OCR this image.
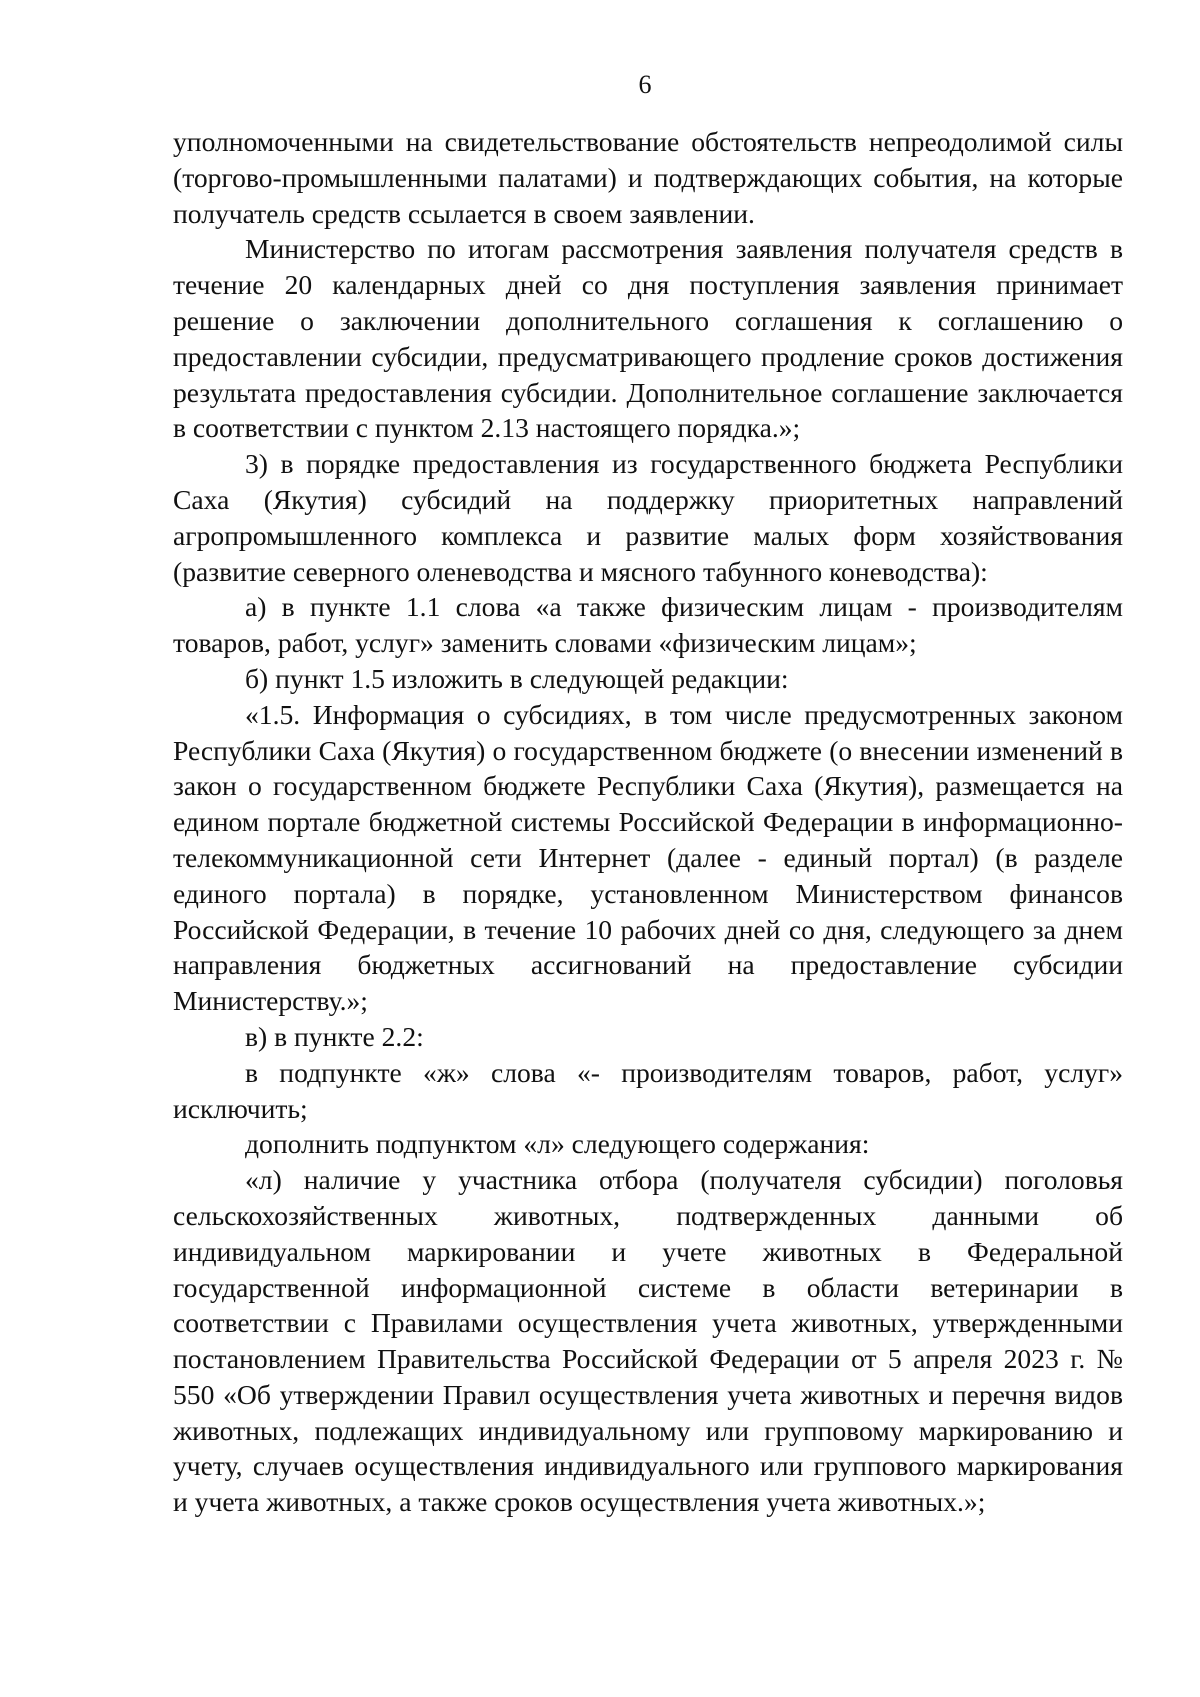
6

уполномоченными на свидетельствование обстоятельств непреодолимой силы (торгово-промышленными палатами) и подтверждающих события, на которые получатель средств ссылается в своем заявлении.

Министерство по итогам рассмотрения заявления получателя средств в течение 20 календарных дней со дня поступления заявления принимает решение о заключении дополнительного соглашения к соглашению о предоставлении субсидии, предусматривающего продление сроков достижения результата предоставления субсидии. Дополнительное соглашение заключается в соответствии с пунктом 2.13 настоящего порядка.»;

3) в порядке предоставления из государственного бюджета Республики Саха (Якутия) субсидий на поддержку приоритетных направлений агропромышленного комплекса и развитие малых форм хозяйствования (развитие северного оленеводства и мясного табунного коневодства):

а) в пункте 1.1 слова «а также физическим лицам - производителям товаров, работ, услуг» заменить словами «физическим лицам»;

б) пункт 1.5 изложить в следующей редакции:

«1.5. Информация о субсидиях, в том числе предусмотренных законом Республики Саха (Якутия) о государственном бюджете (о внесении изменений в закон о государственном бюджете Республики Саха (Якутия), размещается на едином портале бюджетной системы Российской Федерации в информационно-телекоммуникационной сети Интернет (далее - единый портал) (в разделе единого портала) в порядке, установленном Министерством финансов Российской Федерации, в течение 10 рабочих дней со дня, следующего за днем направления бюджетных ассигнований на предоставление субсидии Министерству.»;

в) в пункте 2.2:

в подпункте «ж» слова «- производителям товаров, работ, услуг» исключить;

дополнить подпунктом «л» следующего содержания:

«л) наличие у участника отбора (получателя субсидии) поголовья сельскохозяйственных животных, подтвержденных данными об индивидуальном маркировании и учете животных в Федеральной государственной информационной системе в области ветеринарии в соответствии с Правилами осуществления учета животных, утвержденными постановлением Правительства Российской Федерации от 5 апреля 2023 г. № 550 «Об утверждении Правил осуществления учета животных и перечня видов животных, подлежащих индивидуальному или групповому маркированию и учету, случаев осуществления индивидуального или группового маркирования и учета животных, а также сроков осуществления учета животных.»;
